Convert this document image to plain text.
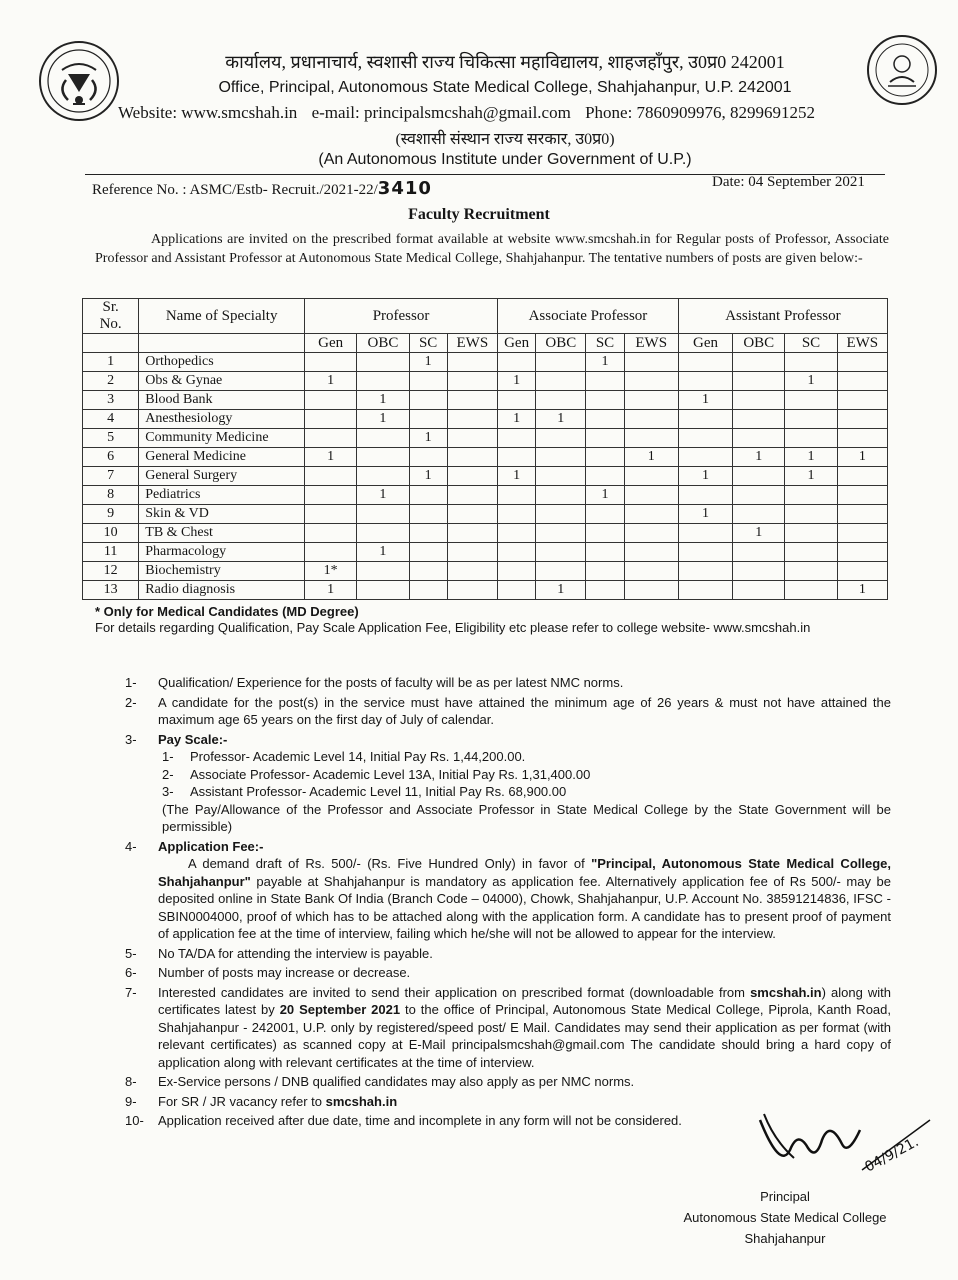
कार्यालय, प्रधानाचार्य, स्वशासी राज्य चिकित्सा महाविद्यालय, शाहजहाँपुर, उ0प्र0 242001
Office, Principal, Autonomous State Medical College, Shahjahanpur, U.P. 242001
Website: www.smcshah.in e-mail: principalsmcshah@gmail.com Phone: 7860909976, 8299691252
(स्वशासी संस्थान राज्य सरकार, उ0प्र0)
(An Autonomous Institute under Government of U.P.)
Reference No. : ASMC/Estb- Recruit./2021-22/3410	Date: 04 September 2021
Faculty Recruitment
Applications are invited on the prescribed format available at website www.smcshah.in for Regular posts of Professor, Associate Professor and Assistant Professor at Autonomous State Medical College, Shahjahanpur. The tentative numbers of posts are given below:-
Sr.
No.	Name of Specialty	Professor				Associate Professor				Assistant Professor			
		Gen	OBC	SC	EWS	Gen	OBC	SC	EWS	Gen	OBC	SC	EWS
1	Orthopedics			1				1					
2	Obs & Gynae	1				1						1	
3	Blood Bank		1							1			
4	Anesthesiology		1			1	1						
5	Community Medicine			1									
6	General Medicine	1							1		1	1	1
7	General Surgery			1		1				1		1	
8	Pediatrics		1					1					
9	Skin & VD									1			
10	TB & Chest										1		
11	Pharmacology		1										
12	Biochemistry	1*											
13	Radio diagnosis	1					1						1
* Only for Medical Candidates (MD Degree)
For details regarding Qualification, Pay Scale Application Fee, Eligibility etc please refer to college website- www.smcshah.in
1-	Qualification/ Experience for the posts of faculty will be as per latest NMC norms.
2-	A candidate for the post(s) in the service must have attained the minimum age of 26 years & must not have attained the maximum age 65 years on the first day of July of calendar.
3-	Pay Scale:-
1-	Professor- Academic Level 14, Initial Pay Rs. 1,44,200.00.
2-	Associate Professor- Academic Level 13A, Initial Pay Rs. 1,31,400.00
3-	Assistant Professor- Academic Level 11, Initial Pay Rs. 68,900.00
(The Pay/Allowance of the Professor and Associate Professor in State Medical College by the State Government will be permissible)
4-	Application Fee:-
A demand draft of Rs. 500/- (Rs. Five Hundred Only) in favor of "Principal, Autonomous State Medical College, Shahjahanpur" payable at Shahjahanpur is mandatory as application fee. Alternatively application fee of Rs 500/- may be deposited online in State Bank Of India (Branch Code – 04000), Chowk, Shahjahanpur, U.P. Account No. 38591214836, IFSC - SBIN0004000, proof of which has to be attached along with the application form. A candidate has to present proof of payment of application fee at the time of interview, failing which he/she will not be allowed to appear for the interview.
5-	No TA/DA for attending the interview is payable.
6-	Number of posts may increase or decrease.
7-	Interested candidates are invited to send their application on prescribed format (downloadable from smcshah.in) along with certificates latest by 20 September 2021 to the office of Principal, Autonomous State Medical College, Piprola, Kanth Road, Shahjahanpur - 242001, U.P. only by registered/speed post/ E Mail. Candidates may send their application as per format (with relevant certificates) as scanned copy at E-Mail principalsmcshah@gmail.com The candidate should bring a hard copy of application along with relevant certificates at the time of interview.
8-	Ex-Service persons / DNB qualified candidates may also apply as per NMC norms.
9-	For SR / JR vacancy refer to smcshah.in
10-	Application received after due date, time and incomplete in any form will not be considered.
04/9/21.
Principal
Autonomous State Medical College
Shahjahanpur
